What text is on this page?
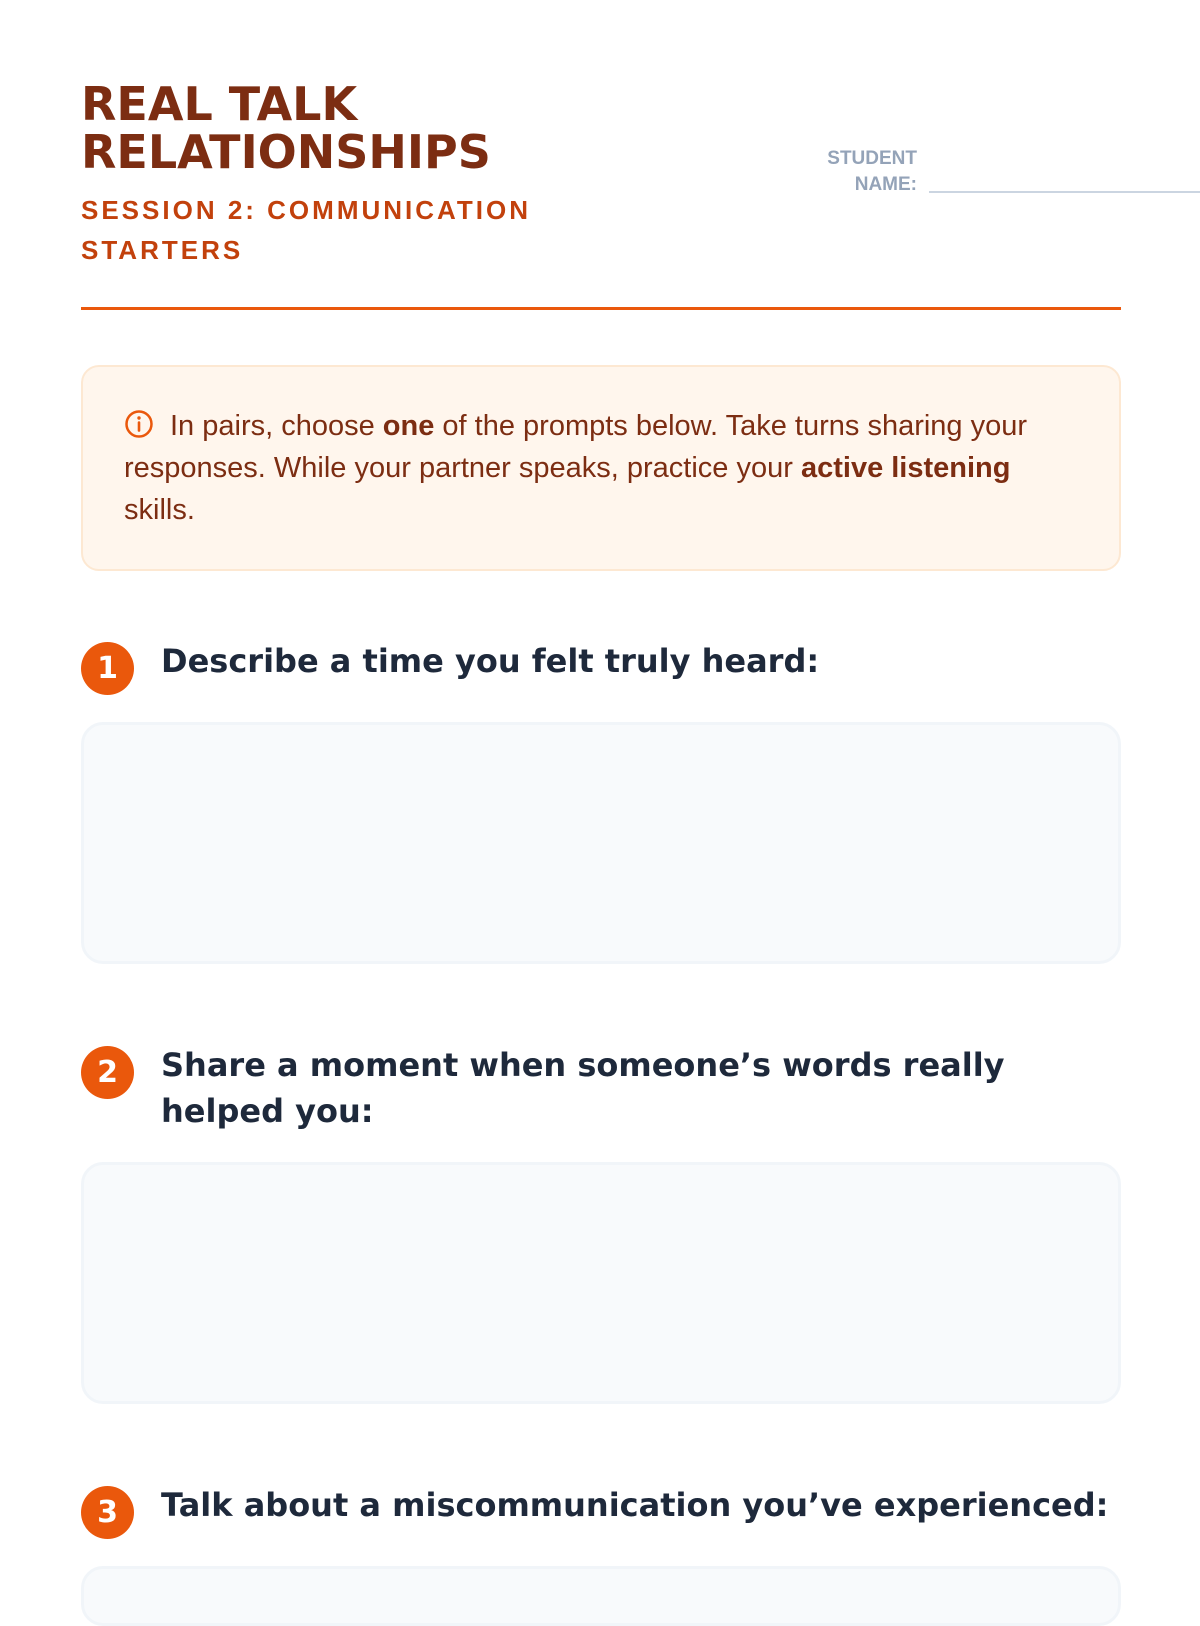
REAL TALK
RELATIONSHIPS
SESSION 2: COMMUNICATION STARTERS
STUDENT
NAME:
In pairs, choose one of the prompts below. Take turns sharing your responses. While your partner speaks, practice your active listening skills.
1	Describe a time you felt truly heard:
2	Share a moment when someone’s words really helped you:
3	Talk about a miscommunication you’ve experienced:
